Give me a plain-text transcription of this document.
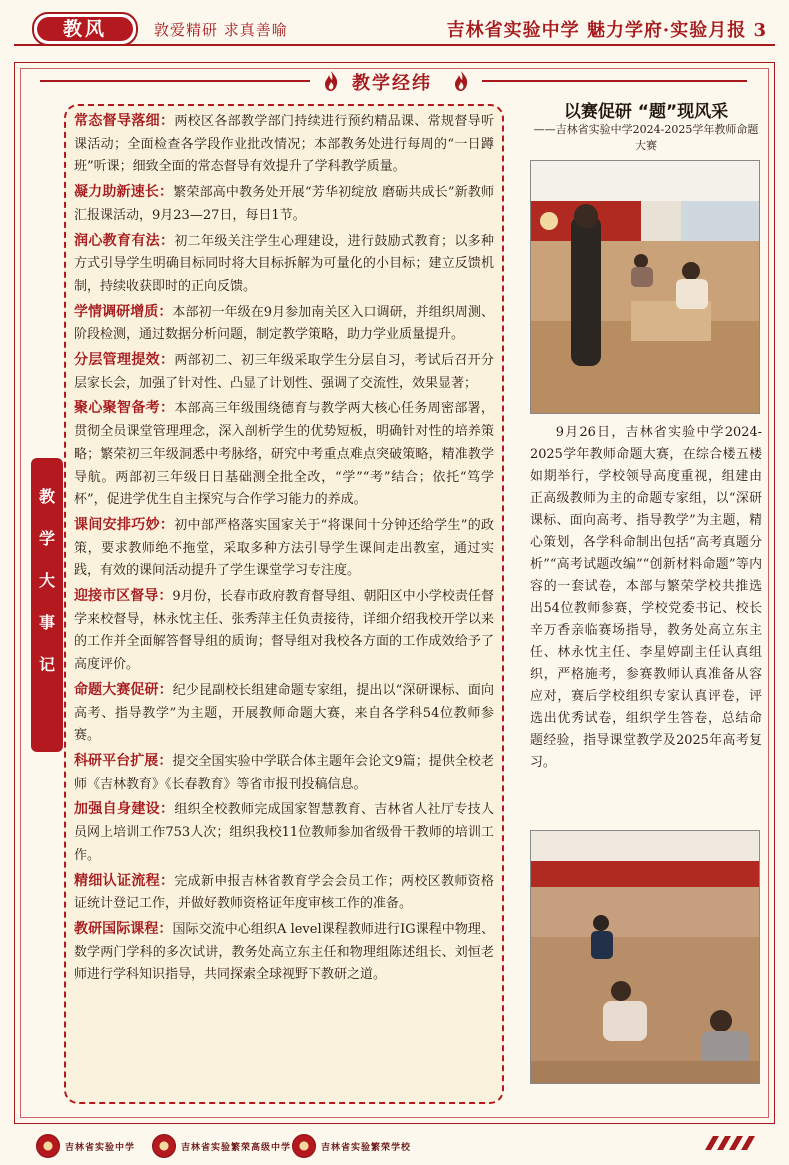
教风	敦爱精研 求真善喻	吉林省实验中学 魅力学府·实验月报 3
教学经纬
教
学
大
事
记

常态督导落细：两校区各部教学部门持续进行预约精品课、常规督导听课活动；全面检查各学段作业批改情况；本部教务处进行每周的“一日蹲班”听课；细致全面的常态督导有效提升了学科教学质量。

凝力助新速长：繁荣部高中教务处开展“芳华初绽放 磨砺共成长”新教师汇报课活动，9月23—27日，每日1节。

润心教育有法：初二年级关注学生心理建设，进行鼓励式教育；以多种方式引导学生明确目标同时将大目标拆解为可量化的小目标；建立反馈机制，持续收获即时的正向反馈。

学情调研增质：本部初一年级在9月参加南关区入口调研，并组织周测、阶段检测，通过数据分析问题，制定教学策略，助力学业质量提升。

分层管理提效：两部初二、初三年级采取学生分层自习，考试后召开分层家长会，加强了针对性、凸显了计划性、强调了交流性，效果显著；

聚心聚智备考：本部高三年级围绕德育与教学两大核心任务周密部署，贯彻全员课堂管理理念，深入剖析学生的优势短板，明确针对性的培养策略；繁荣初三年级洞悉中考脉络，研究中考重点难点突破策略，精准教学导航。两部初三年级日日基础测全批全改，“学”“考”结合；依托“笃学杯”，促进学优生自主探究与合作学习能力的养成。

课间安排巧妙：初中部严格落实国家关于“将课间十分钟还给学生”的政策，要求教师绝不拖堂，采取多种方法引导学生课间走出教室，通过实践，有效的课间活动提升了学生课堂学习专注度。

迎接市区督导：9月份，长春市政府教育督导组、朝阳区中小学校责任督学来校督导，林永忱主任、张秀萍主任负责接待，详细介绍我校开学以来的工作并全面解答督导组的质询；督导组对我校各方面的工作成效给予了高度评价。

命题大赛促研：纪少昆副校长组建命题专家组，提出以“深研课标、面向高考、指导教学”为主题，开展教师命题大赛，来自各学科54位教师参赛。

科研平台扩展：提交全国实验中学联合体主题年会论文9篇；提供全校老师《吉林教育》《长春教育》等省市报刊投稿信息。

加强自身建设：组织全校教师完成国家智慧教育、吉林省人社厅专技人员网上培训工作753人次；组织我校11位教师参加省级骨干教师的培训工作。

精细认证流程：完成新申报吉林省教育学会会员工作；两校区教师资格证统计登记工作，并做好教师资格证年度审核工作的准备。

教研国际课程：国际交流中心组织A level课程教师进行IG课程中物理、数学两门学科的多次试讲，教务处高立东主任和物理组陈述组长、刘恒老师进行学科知识指导，共同探索全球视野下教研之道。

以赛促研 “题”现风采
——吉林省实验中学2024-2025学年教师命题大赛
9月26日，吉林省实验中学2024-2025学年教师命题大赛，在综合楼五楼如期举行，学校领导高度重视，组建由正高级教师为主的命题专家组，以“深研课标、面向高考、指导教学”为主题，精心策划，各学科命制出包括“高考真题分析”“高考试题改编”“创新材料命题”等内容的一套试卷，本部与繁荣学校共推选出54位教师参赛，学校党委书记、校长辛万香亲临赛场指导，教务处高立东主任、林永忱主任、李星婷副主任认真组织，严格施考，参赛教师认真准备从容应对，赛后学校组织专家认真评卷，评选出优秀试卷，组织学生答卷，总结命题经验，指导课堂教学及2025年高考复习。
吉林省实验中学	吉林省实验繁荣高级中学	吉林省实验繁荣学校
